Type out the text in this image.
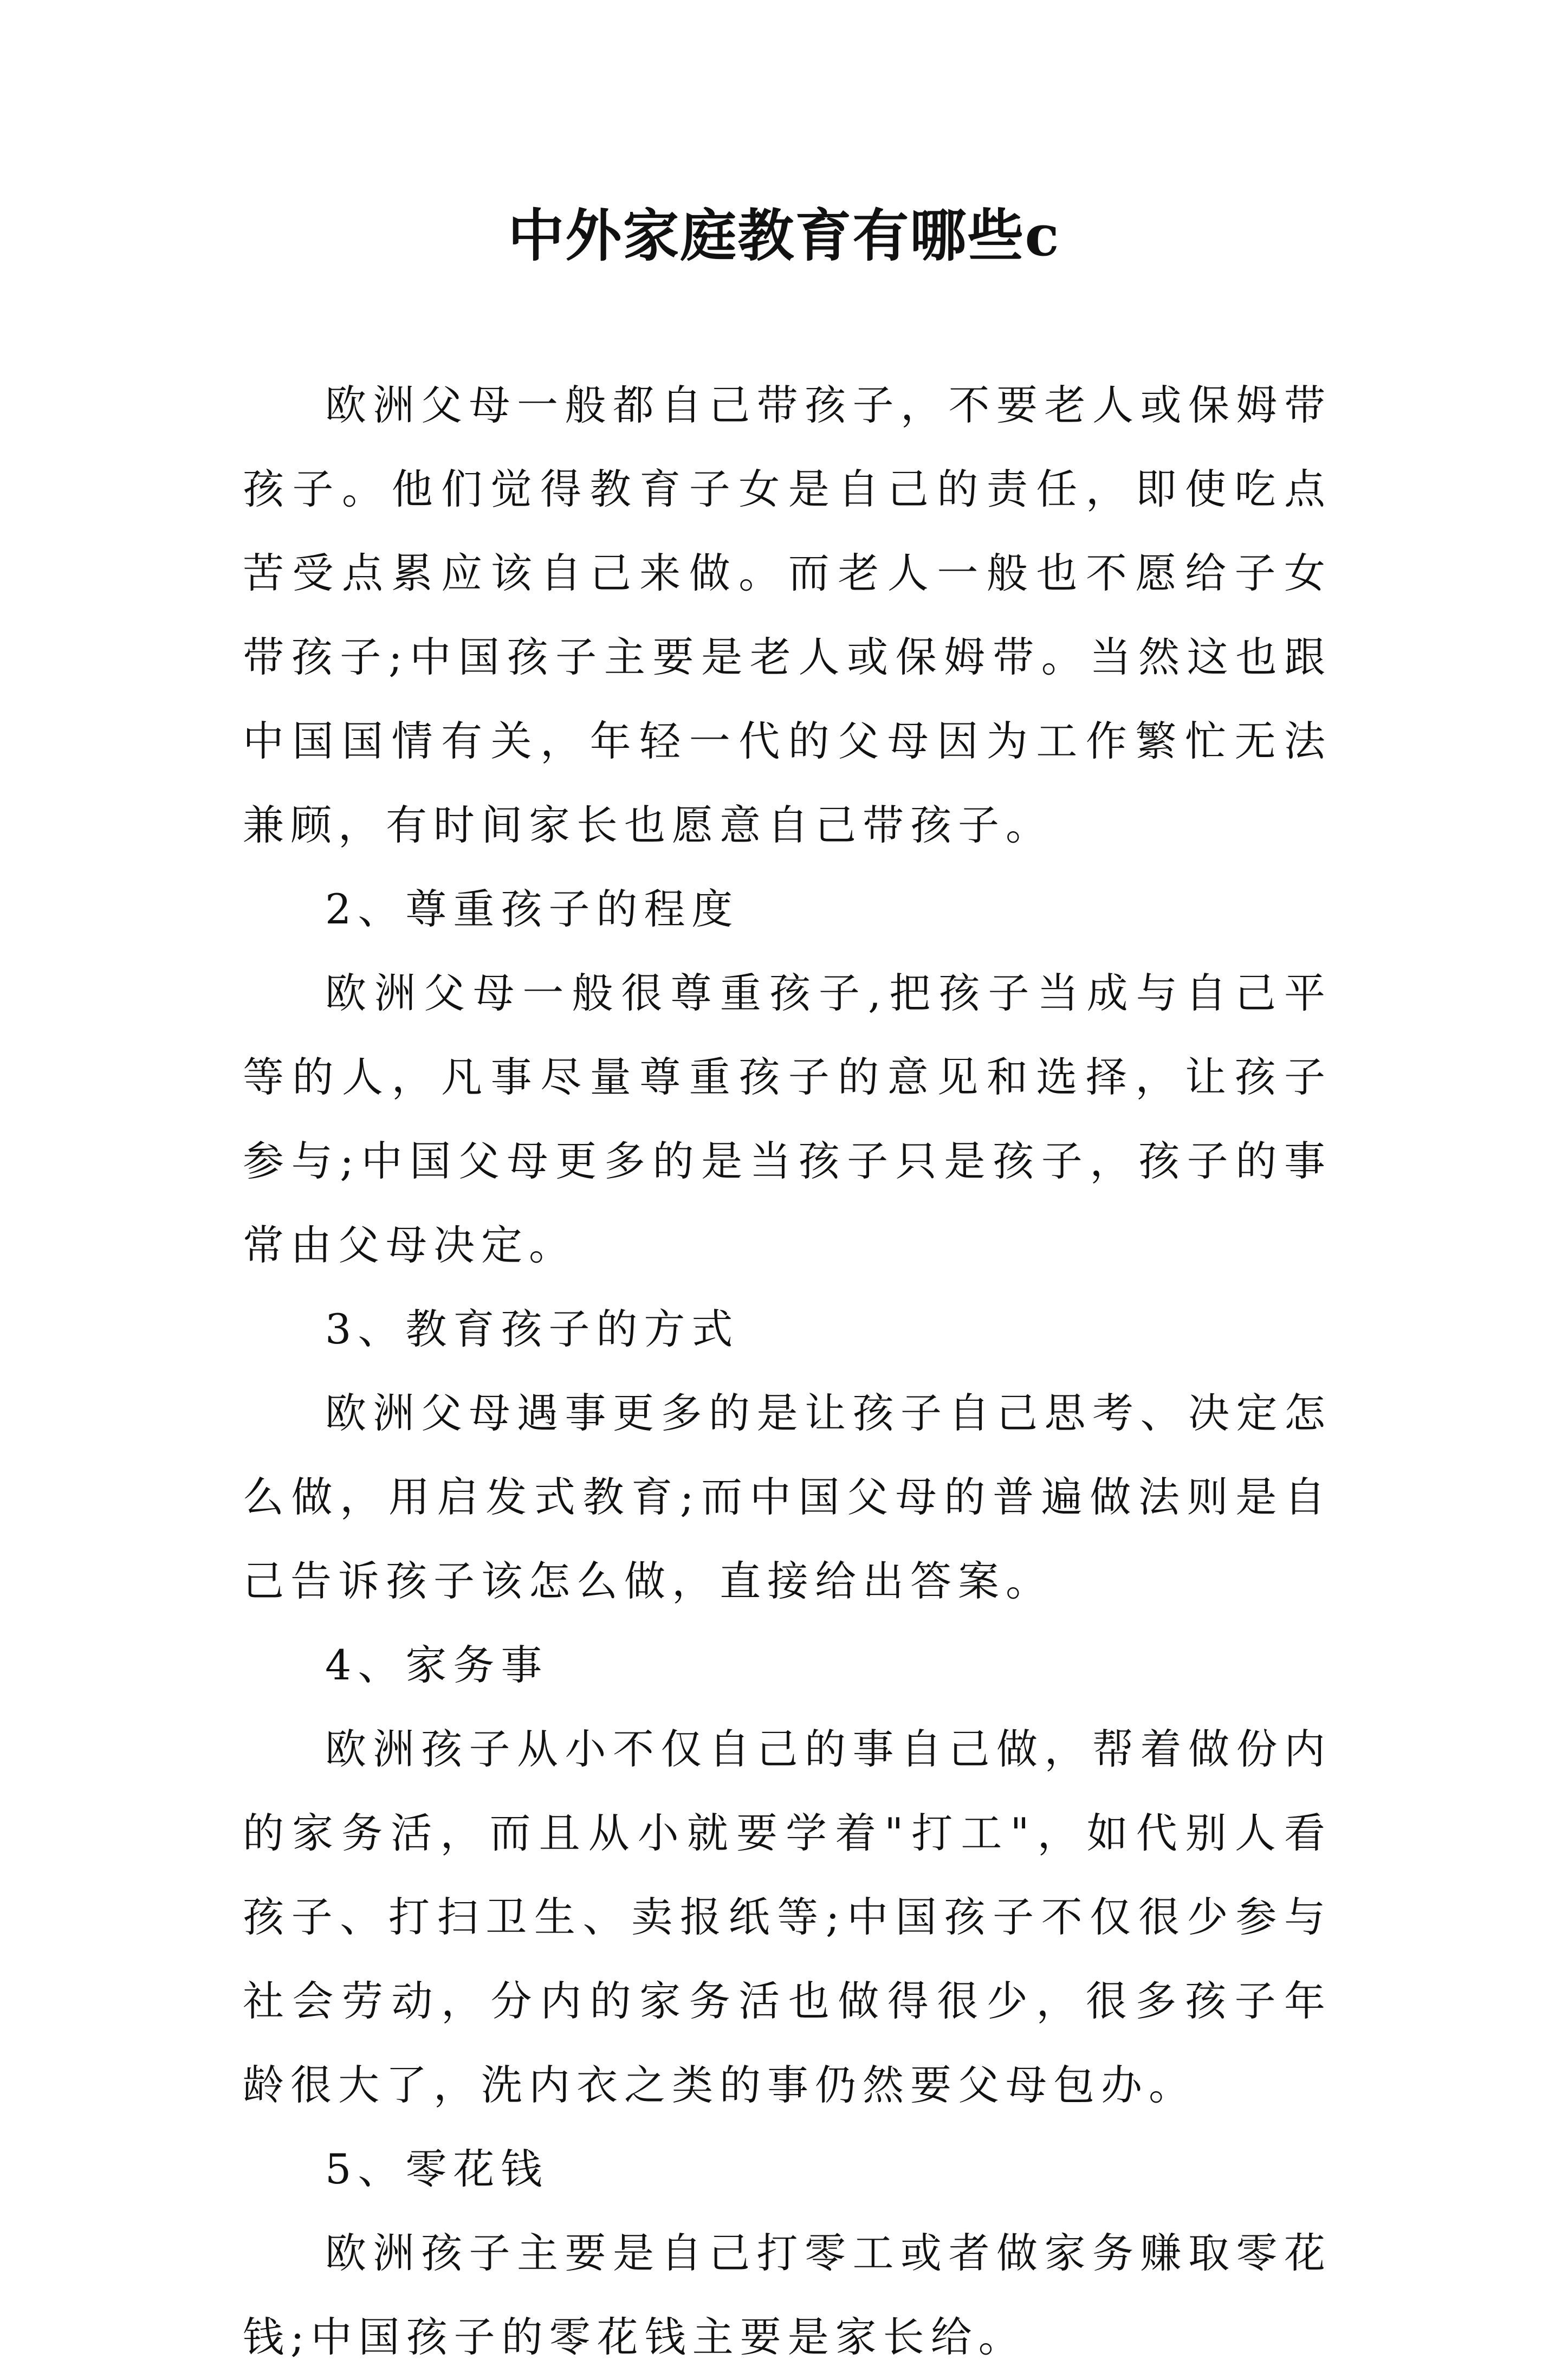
中外家庭教育有哪些c

欧洲父母一般都自己带孩子，不要老人或保姆带孩子。他们觉得教育子女是自己的责任，即使吃点苦受点累应该自己来做。而老人一般也不愿给子女带孩子;中国孩子主要是老人或保姆带。当然这也跟中国国情有关，年轻一代的父母因为工作繁忙无法兼顾，有时间家长也愿意自己带孩子。

2、尊重孩子的程度

欧洲父母一般很尊重孩子,把孩子当成与自己平等的人，凡事尽量尊重孩子的意见和选择，让孩子参与;中国父母更多的是当孩子只是孩子，孩子的事常由父母决定。

3、教育孩子的方式

欧洲父母遇事更多的是让孩子自己思考、决定怎么做，用启发式教育;而中国父母的普遍做法则是自己告诉孩子该怎么做，直接给出答案。

4、家务事

欧洲孩子从小不仅自己的事自己做，帮着做份内的家务活，而且从小就要学着"打工"，如代别人看孩子、打扫卫生、卖报纸等;中国孩子不仅很少参与社会劳动，分内的家务活也做得很少，很多孩子年龄很大了，洗内衣之类的事仍然要父母包办。

5、零花钱

欧洲孩子主要是自己打零工或者做家务赚取零花钱;中国孩子的零花钱主要是家长给。
